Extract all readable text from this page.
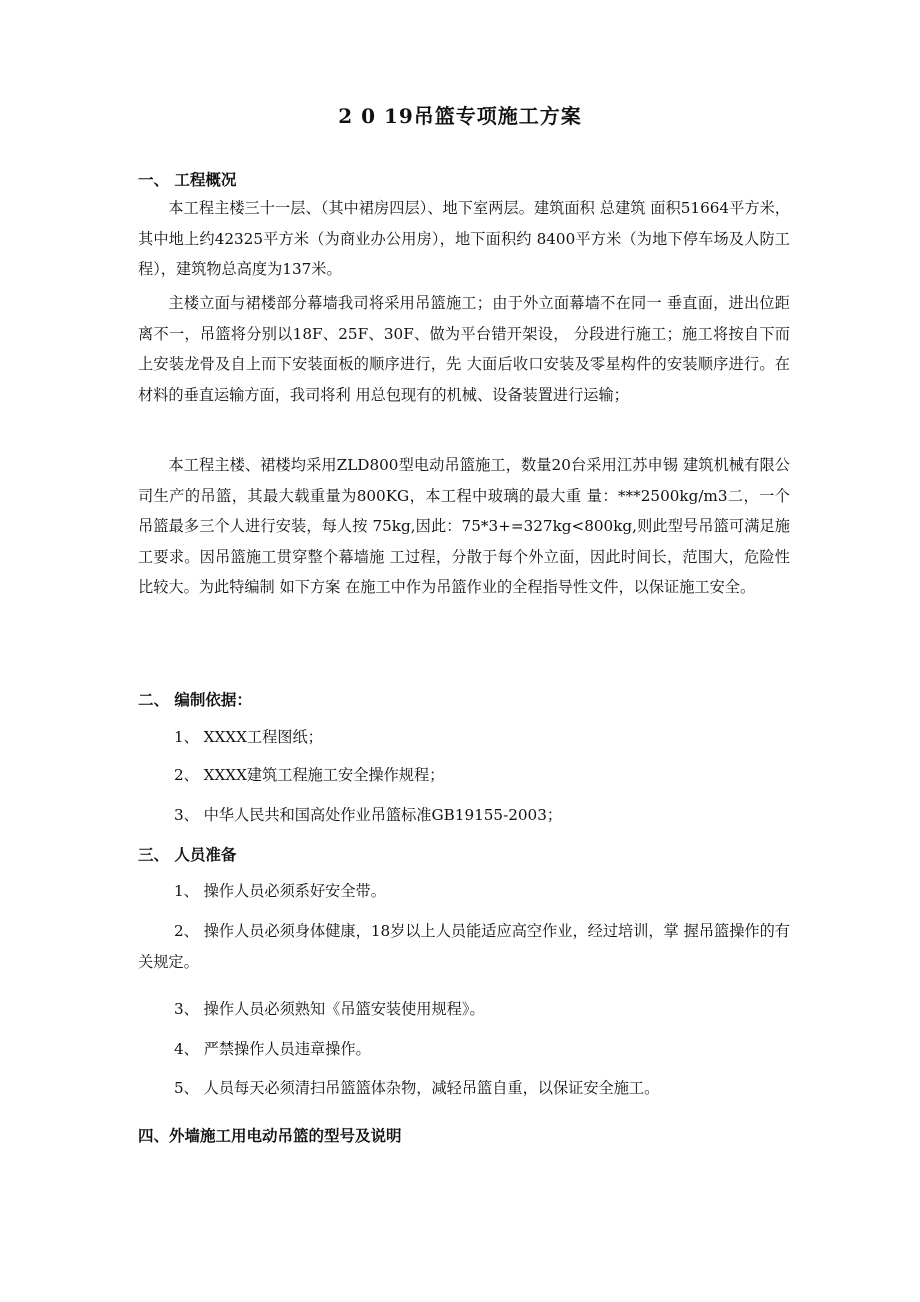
2 0 19吊篮专项施工方案
一、 工程概况
本工程主楼三十一层、（其中裙房四层）、地下室两层。建筑面积 总建筑 面积51664平方米，其中地上约42325平方米（为商业办公用房），地下面积约 8400平方米（为地下停车场及人防工程），建筑物总高度为137米。
主楼立面与裙楼部分幕墙我司将采用吊篮施工；由于外立面幕墙不在同一 垂直面，进出位距离不一，吊篮将分别以18F、25F、30F、做为平台错开架设， 分段进行施工；施工将按自下而上安装龙骨及自上而下安装面板的顺序进行，先 大面后收口安装及零星构件的安装顺序进行。在材料的垂直运输方面，我司将利 用总包现有的机械、设备装置进行运输；
本工程主楼、裙楼均采用ZLD800型电动吊篮施工，数量20台采用江苏申锡 建筑机械有限公司生产的吊篮，其最大载重量为800KG，本工程中玻璃的最大重 量：***2500kg/m3二，一个吊篮最多三个人进行安装，每人按 75kg,因此：75*3+=327kg<800kg,则此型号吊篮可满足施工要求。因吊篮施工贯穿整个幕墙施 工过程，分散于每个外立面，因此时间长，范围大，危险性比较大。为此特编制 如下方案 在施工中作为吊篮作业的全程指导性文件，以保证施工安全。
二、 编制依据：
1、 XXXX工程图纸；
2、 XXXX建筑工程施工安全操作规程；
3、 中华人民共和国高处作业吊篮标准GB19155-2003；
三、 人员准备
1、 操作人员必须系好安全带。
2、 操作人员必须身体健康，18岁以上人员能适应高空作业，经过培训，掌 握吊篮操作的有关规定。
3、 操作人员必须熟知《吊篮安装使用规程》。
4、 严禁操作人员违章操作。
5、 人员每天必须清扫吊篮篮体杂物，减轻吊篮自重，以保证安全施工。
四、外墙施工用电动吊篮的型号及说明
